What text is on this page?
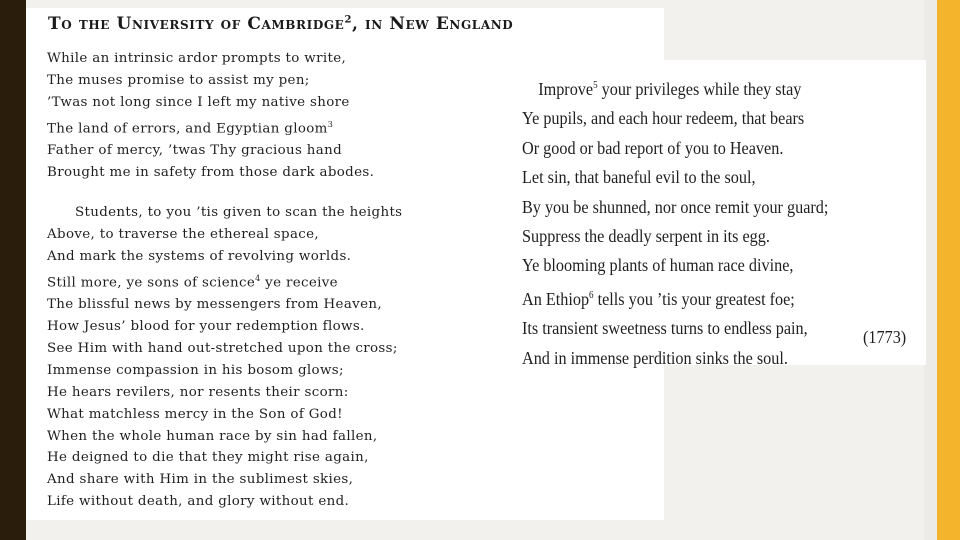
To the University of Cambridge$^2$, in New England
While an intrinsic ardor prompts to write,
The muses promise to assist my pen;
’Twas not long since I left my native shore
The land of errors, and Egyptian gloom$^3$
Father of mercy, ’twas Thy gracious hand
Brought me in safety from those dark abodes.
Students, to you ’tis given to scan the heights
Above, to traverse the ethereal space,
And mark the systems of revolving worlds.
Still more, ye sons of science$^4$ ye receive
The blissful news by messengers from Heaven,
How Jesus’ blood for your redemption flows.
See Him with hand out-stretched upon the cross;
Immense compassion in his bosom glows;
He hears revilers, nor resents their scorn:
What matchless mercy in the Son of God!
When the whole human race by sin had fallen,
He deigned to die that they might rise again,
And share with Him in the sublimest skies,
Life without death, and glory without end.
Improve$^5$ your privileges while they stay
Ye pupils, and each hour redeem, that bears
Or good or bad report of you to Heaven.
Let sin, that baneful evil to the soul,
By you be shunned, nor once remit your guard;
Suppress the deadly serpent in its egg.
Ye blooming plants of human race divine,
An Ethiop$^6$ tells you ’tis your greatest foe;
Its transient sweetness turns to endless pain,
And in immense perdition sinks the soul.
(1773)
